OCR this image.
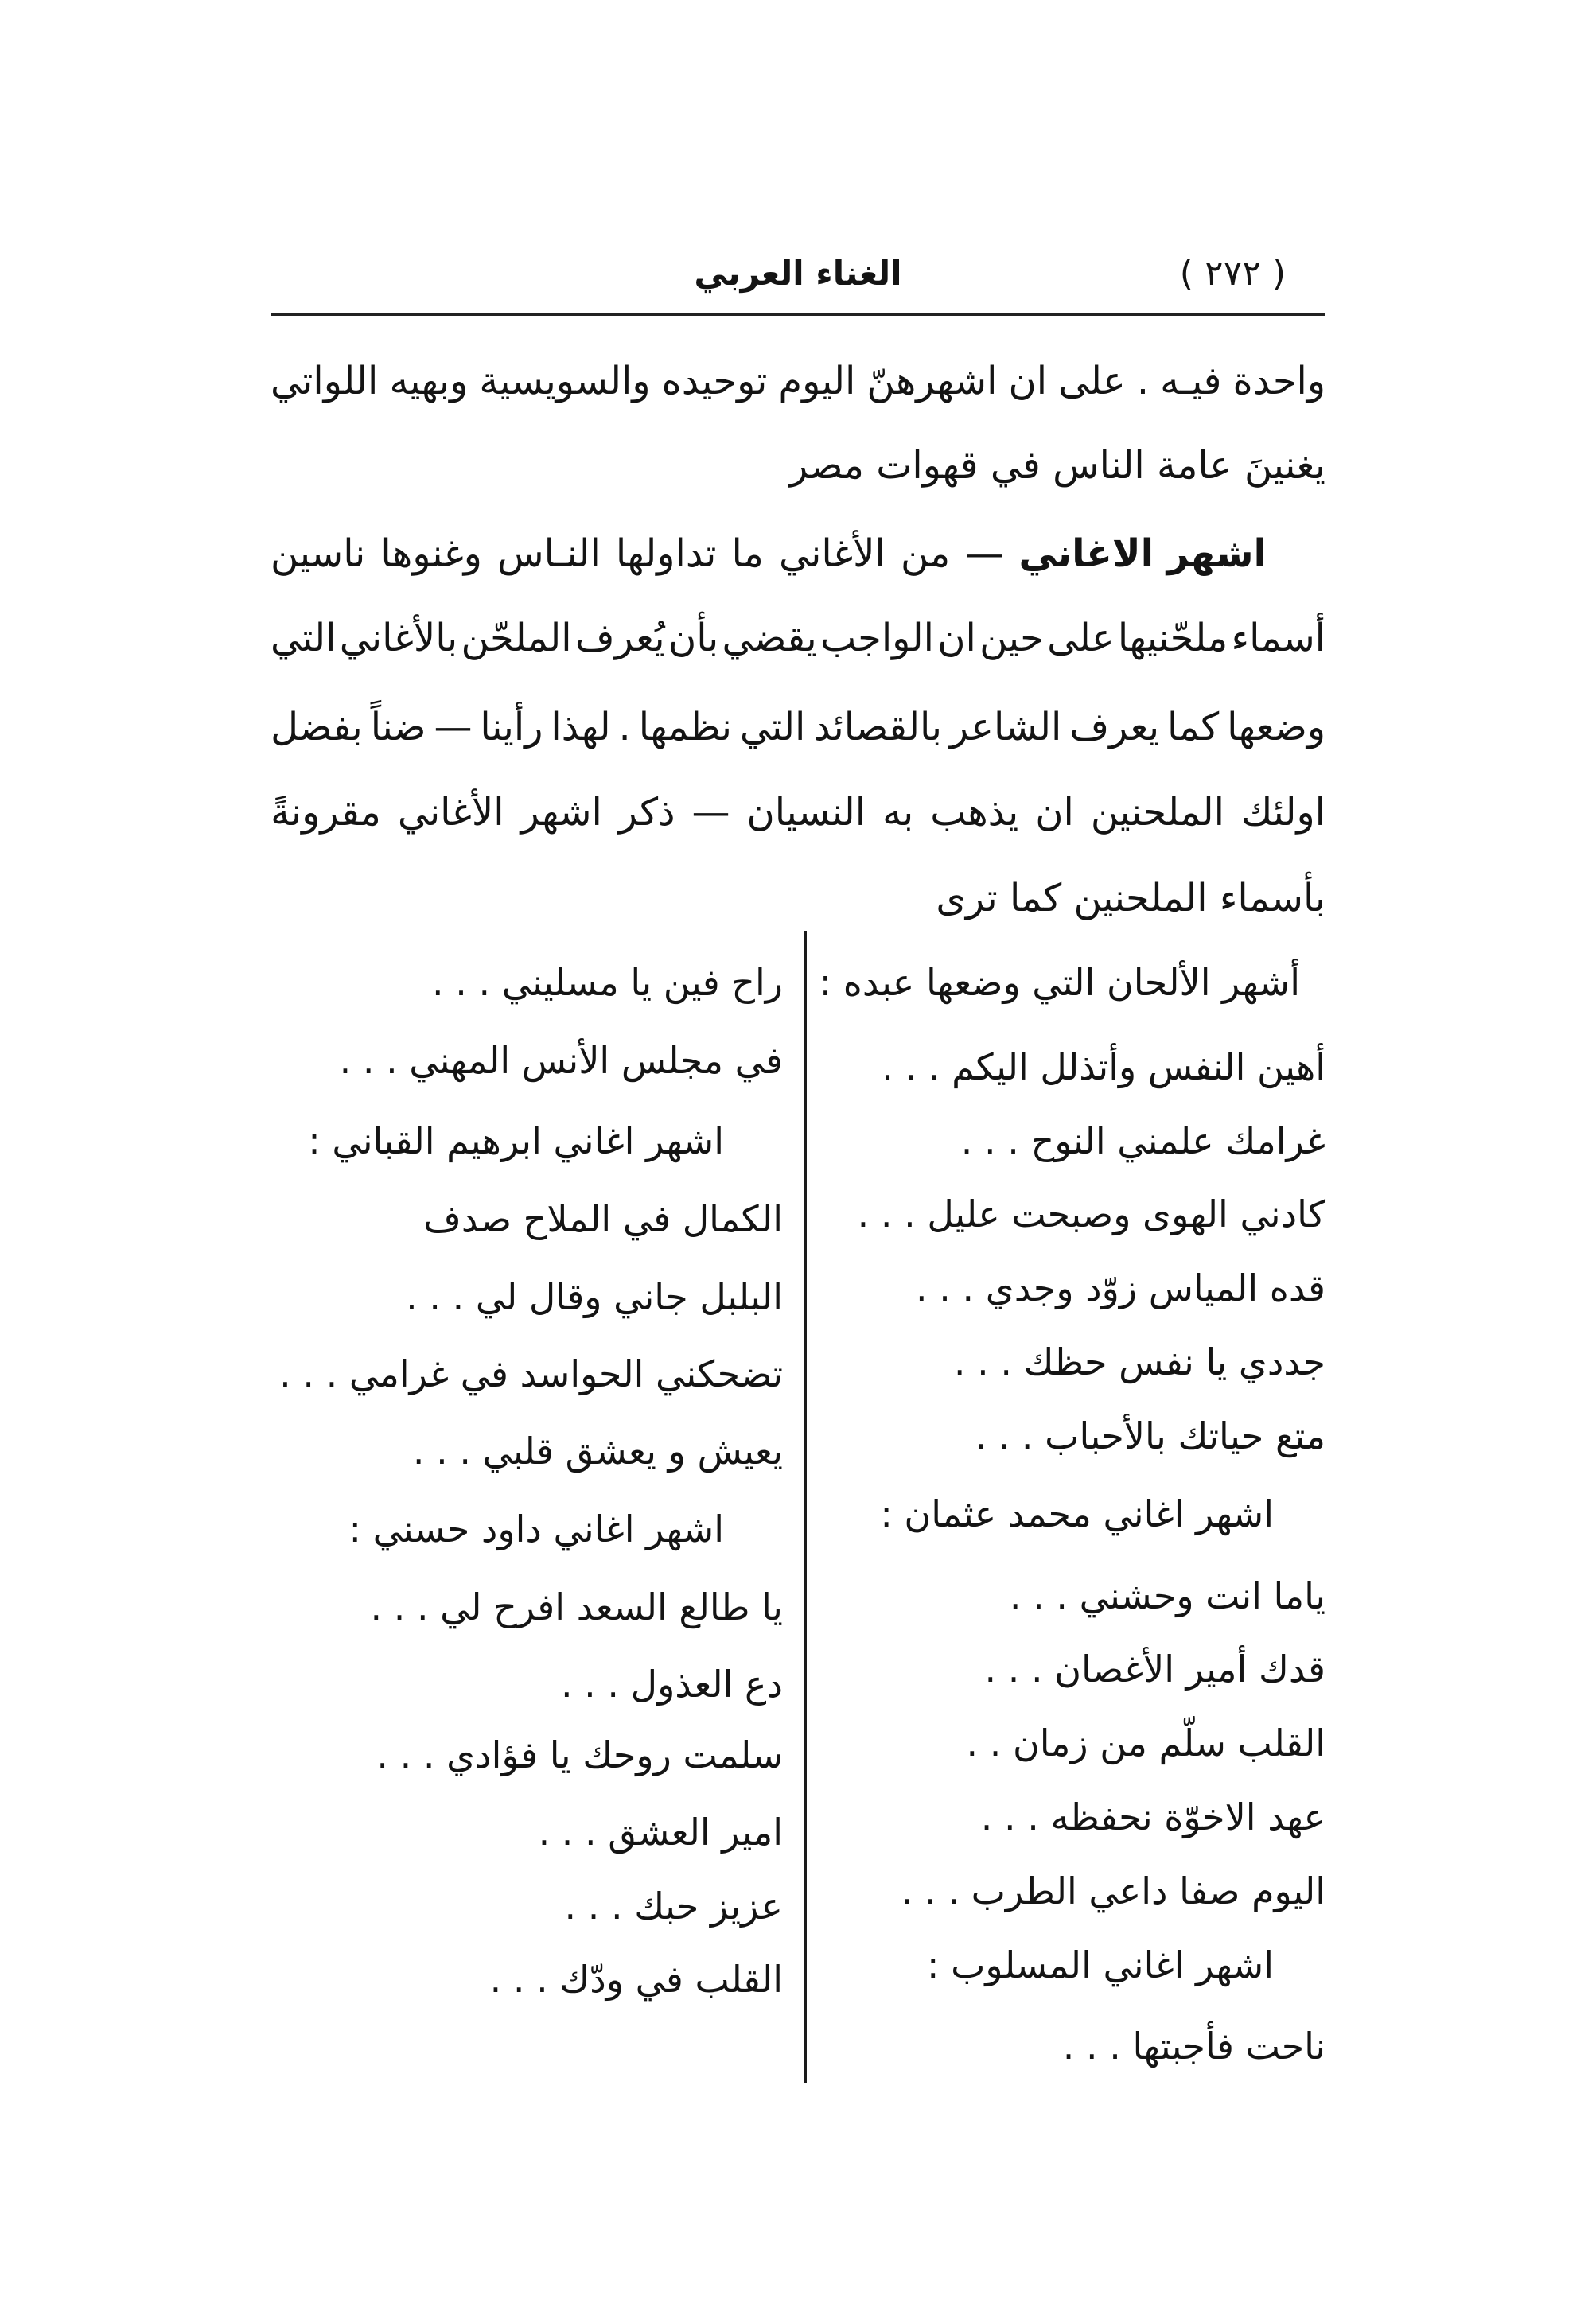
( ٢٧٢ )
الغناء العربي
واحدة
فيـه
.
على
ان
اشهرهنّ
اليوم
توحيده
والسويسية
وبهيه
اللواتي
يغنينَ عامة الناس في قهوات مصر
اشهر الاغاني
—
من
الأغاني
ما
تداولها
النـاس
وغنوها
ناسين
أسماء
ملحّنيها
على
حين
ان
الواجب
يقضي
بأن
يُعرف
الملحّن
بالأغاني
التي
وضعها
كما
يعرف
الشاعر
بالقصائد
التي
نظمها
.
لهذا
رأينا
—
ضناً
بفضل
اولئك
الملحنين
ان
يذهب
به
النسيان
—
ذكر
اشهر
الأغاني
مقرونةً
بأسماء الملحنين كما ترى
أشهر الألحان التي وضعها عبده :
أهين النفس وأتذلل اليكم . . .
غرامك علمني النوح . . .
كادني الهوى وصبحت عليل . . .
قده المياس زوّد وجدي . . .
جددي يا نفس حظك . . .
متع حياتك بالأحباب . . .
اشهر اغاني محمد عثمان :
ياما انت وحشني . . .
قدك أمير الأغصان . . .
القلب سلّم من زمان . .
عهد الاخوّة نحفظه . . .
اليوم صفا داعي الطرب . . .
اشهر اغاني المسلوب :
ناحت فأجبتها . . .
راح فين يا مسليني . . .
في مجلس الأنس المهني . . .
اشهر اغاني ابرهيم القباني :
الكمال في الملاح صدف
البلبل جاني وقال لي . . .
تضحكني الحواسد في غرامي . . .
يعيش و يعشق قلبي . . .
اشهر اغاني داود حسني :
يا طالع السعد افرح لي . . .
دع العذول . . .
سلمت روحك يا فؤادي . . .
امير العشق . . .
عزيز حبك . . .
القلب في ودّك . . .
